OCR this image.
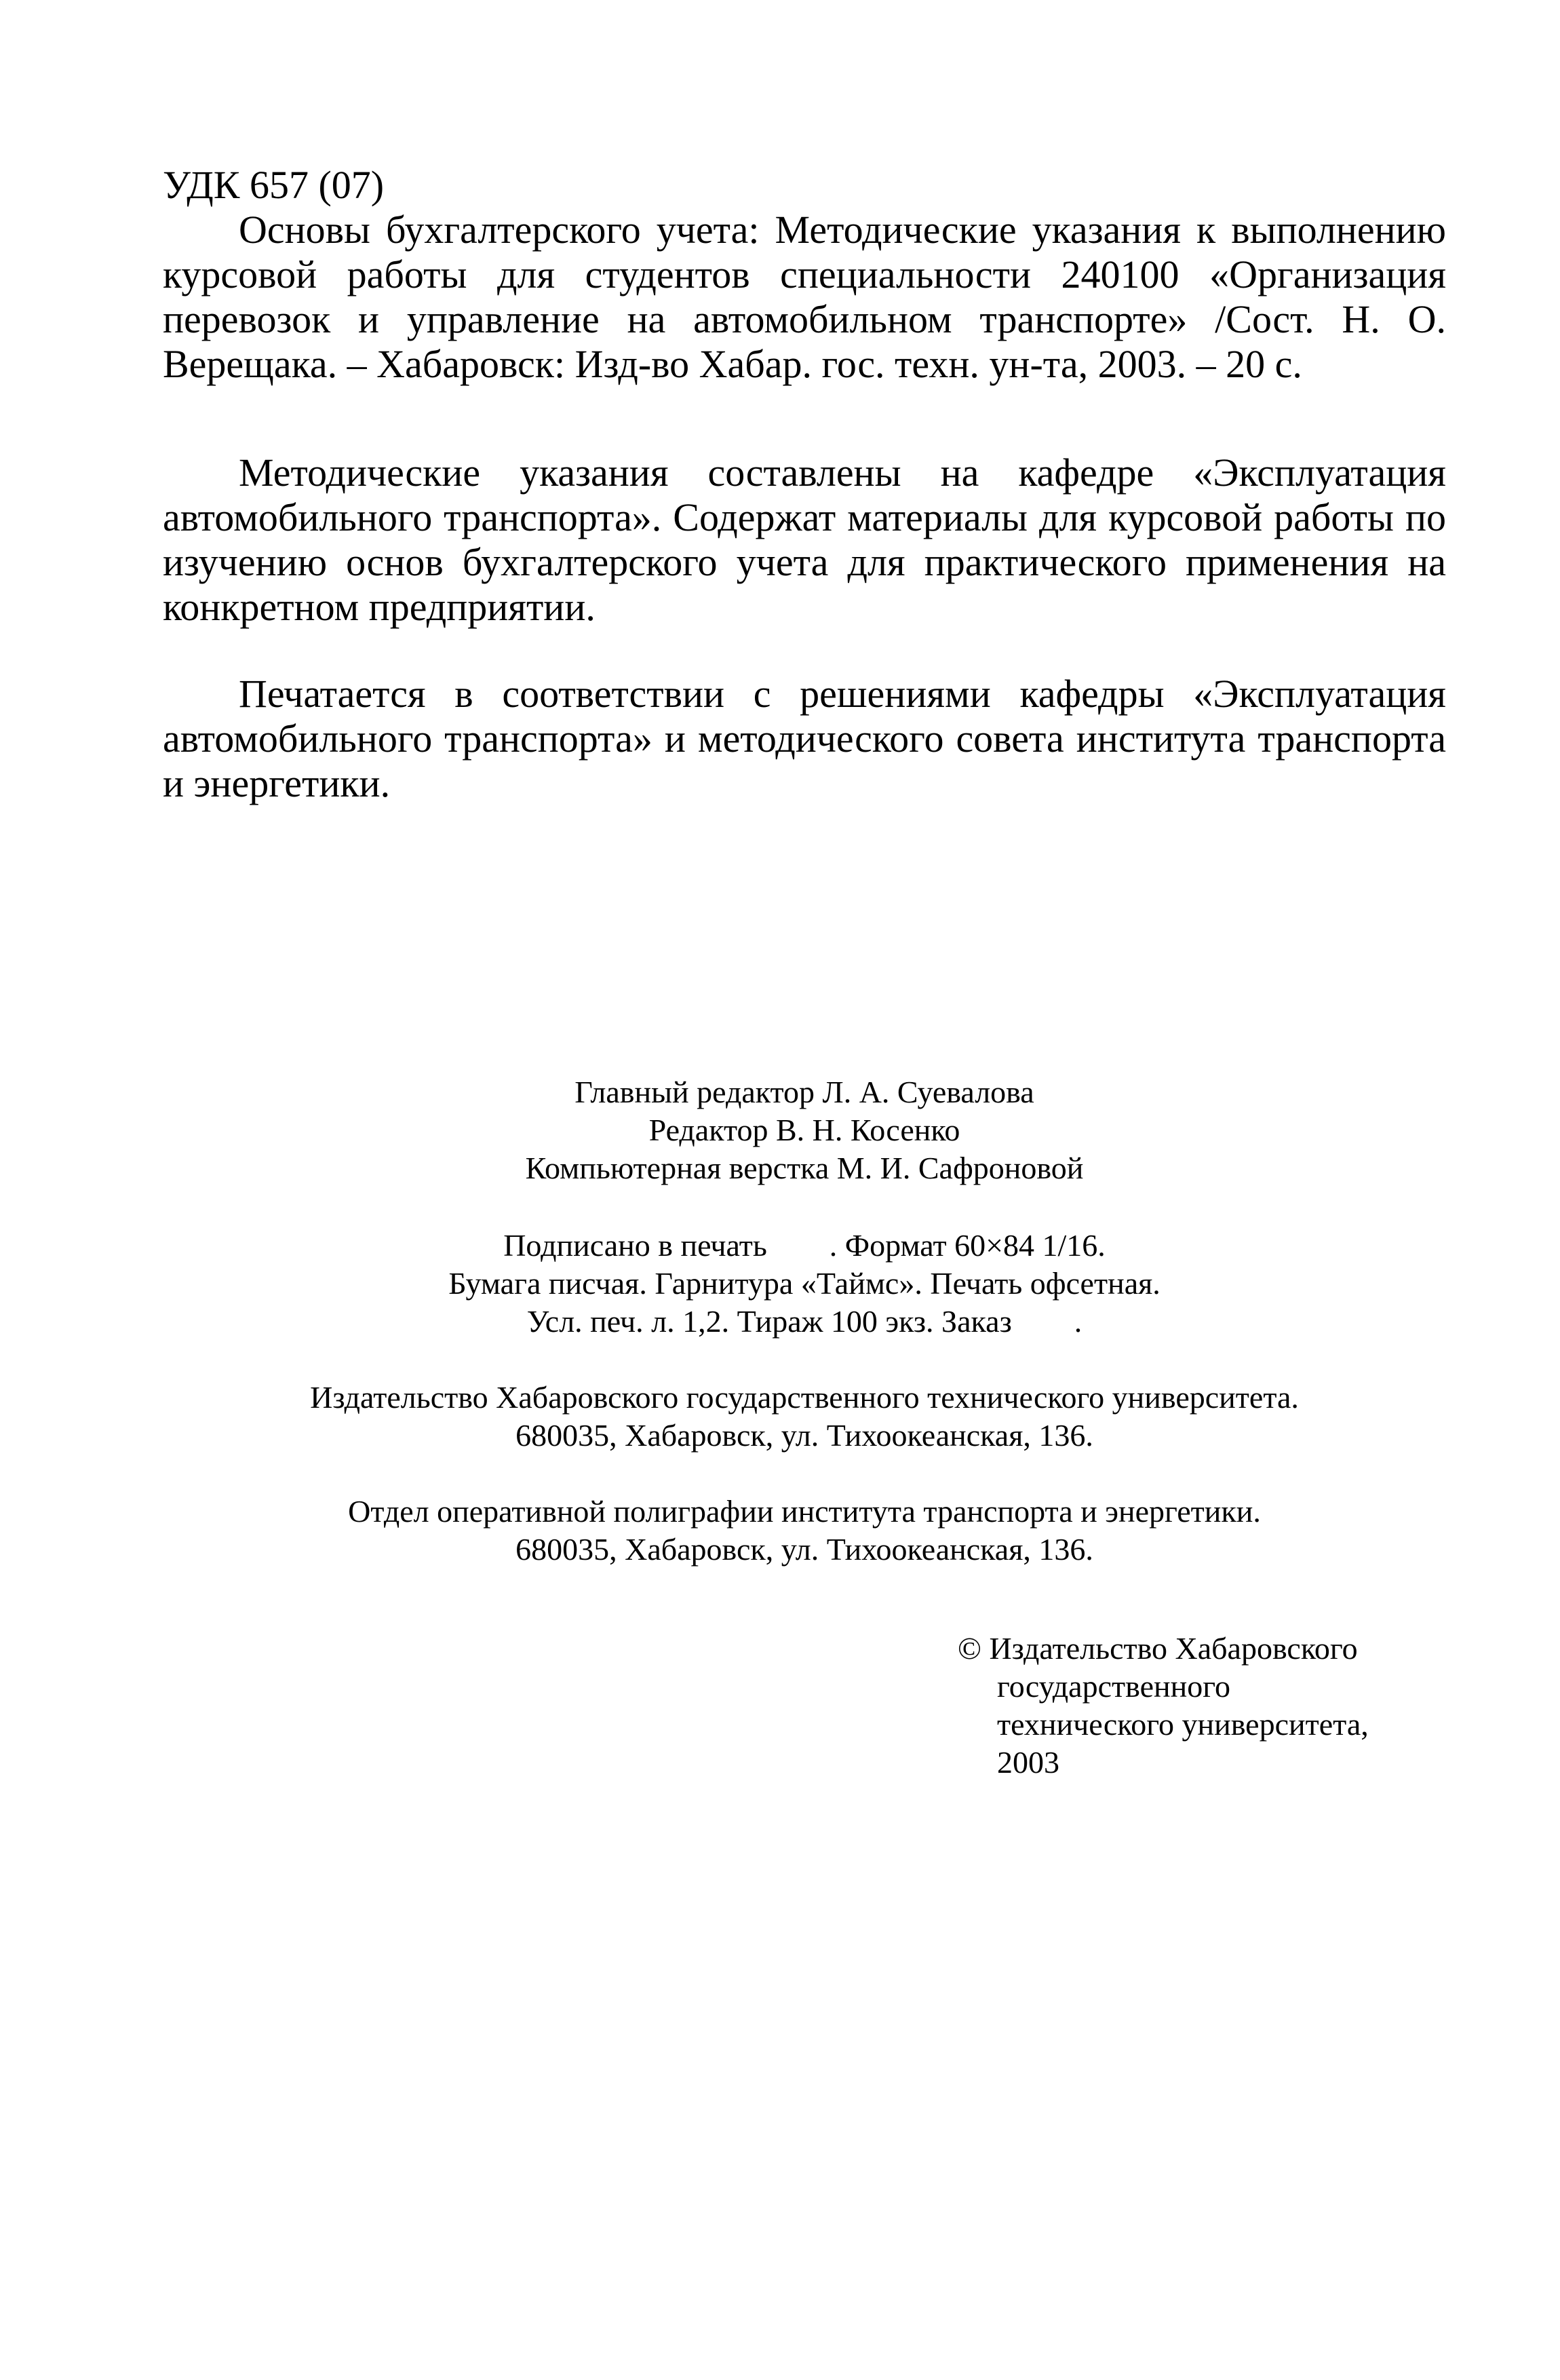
УДК 657 (07)
Основы бухгалтерского учета: Методические указания к выполнению курсовой работы для студентов специальности 240100 «Организация перевозок и управление на автомобильном транспорте» /Сост. Н. О. Верещака. – Хабаровск: Изд-во Хабар. гос. техн. ун-та, 2003. – 20 с.
Методические указания составлены на кафедре «Эксплуатация автомобильного транспорта». Содержат материалы для курсовой работы по изучению основ бухгалтерского учета для практического применения на конкретном предприятии.
Печатается в соответствии с решениями кафедры «Эксплуатация автомобильного транспорта» и методического совета института транспорта и энергетики.
Главный редактор Л. А. Суевалова
Редактор В. Н. Косенко
Компьютерная верстка М. И. Сафроновой
Подписано в печать        . Формат 60×84 1/16.
Бумага писчая. Гарнитура «Таймс». Печать офсетная.
Усл. печ. л. 1,2. Тираж 100 экз. Заказ        .
Издательство Хабаровского государственного технического университета.
680035, Хабаровск, ул. Тихоокеанская, 136.
Отдел оперативной полиграфии института транспорта и энергетики.
680035, Хабаровск, ул. Тихоокеанская, 136.
© Издательство Хабаровского
государственного
технического университета,
2003
